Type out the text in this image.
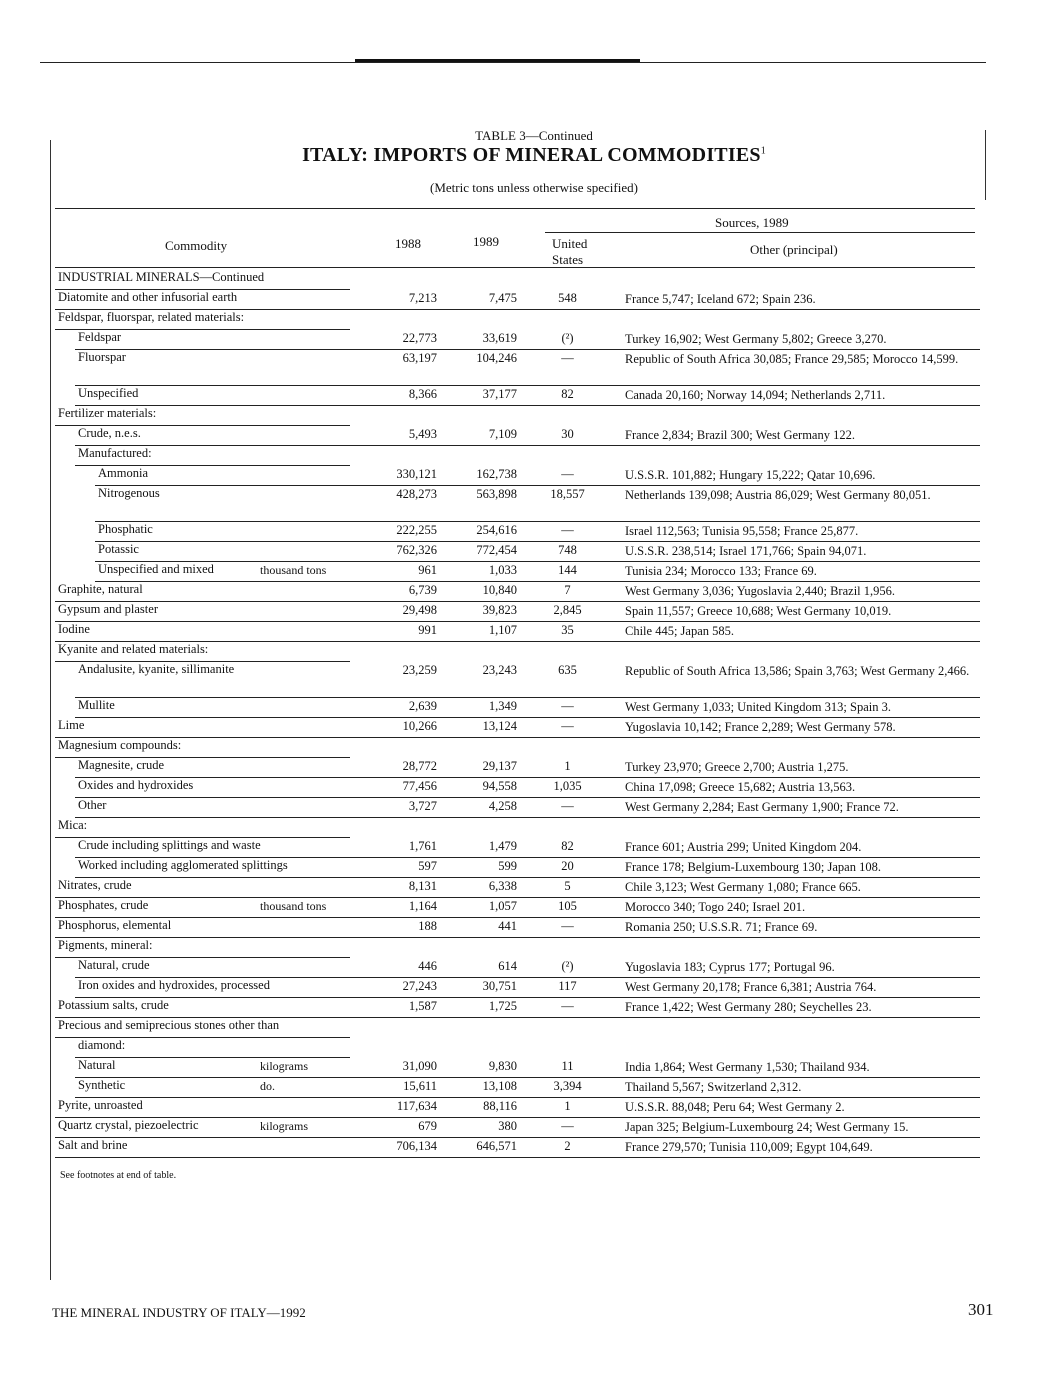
TABLE 3—Continued
ITALY: IMPORTS OF MINERAL COMMODITIES$^1$
(Metric tons unless otherwise specified)
Commodity	1988	1989
Sources, 1989
United States
Other (principal)
INDUSTRIAL MINERALS—Continued
Diatomite and other infusorial earth	7,213	7,475	548	France 5,747; Iceland 672; Spain 236.
Feldspar, fluorspar, related materials:
Feldspar	22,773	33,619	(²)	Turkey 16,902; West Germany 5,802; Greece 3,270.
Fluorspar	63,197	104,246	—	Republic of South Africa 30,085; France 29,585; Morocco 14,599.
Unspecified	8,366	37,177	82	Canada 20,160; Norway 14,094; Netherlands 2,711.
Fertilizer materials:
Crude, n.e.s.	5,493	7,109	30	France 2,834; Brazil 300; West Germany 122.
Manufactured:
Ammonia	330,121	162,738	—	U.S.S.R. 101,882; Hungary 15,222; Qatar 10,696.
Nitrogenous	428,273	563,898	18,557	Netherlands 139,098; Austria 86,029; West Germany 80,051.
Phosphatic	222,255	254,616	—	Israel 112,563; Tunisia 95,558; France 25,877.
Potassic	762,326	772,454	748	U.S.S.R. 238,514; Israel 171,766; Spain 94,071.
Unspecified and mixed	thousand tons	961	1,033	144	Tunisia 234; Morocco 133; France 69.
Graphite, natural	6,739	10,840	7	West Germany 3,036; Yugoslavia 2,440; Brazil 1,956.
Gypsum and plaster	29,498	39,823	2,845	Spain 11,557; Greece 10,688; West Germany 10,019.
Iodine	991	1,107	35	Chile 445; Japan 585.
Kyanite and related materials:
Andalusite, kyanite, sillimanite	23,259	23,243	635	Republic of South Africa 13,586; Spain 3,763; West Germany 2,466.
Mullite	2,639	1,349	—	West Germany 1,033; United Kingdom 313; Spain 3.
Lime	10,266	13,124	—	Yugoslavia 10,142; France 2,289; West Germany 578.
Magnesium compounds:
Magnesite, crude	28,772	29,137	1	Turkey 23,970; Greece 2,700; Austria 1,275.
Oxides and hydroxides	77,456	94,558	1,035	China 17,098; Greece 15,682; Austria 13,563.
Other	3,727	4,258	—	West Germany 2,284; East Germany 1,900; France 72.
Mica:
Crude including splittings and waste	1,761	1,479	82	France 601; Austria 299; United Kingdom 204.
Worked including agglomerated splittings	597	599	20	France 178; Belgium-Luxembourg 130; Japan 108.
Nitrates, crude	8,131	6,338	5	Chile 3,123; West Germany 1,080; France 665.
Phosphates, crude	thousand tons	1,164	1,057	105	Morocco 340; Togo 240; Israel 201.
Phosphorus, elemental	188	441	—	Romania 250; U.S.S.R. 71; France 69.
Pigments, mineral:
Natural, crude	446	614	(²)	Yugoslavia 183; Cyprus 177; Portugal 96.
Iron oxides and hydroxides, processed	27,243	30,751	117	West Germany 20,178; France 6,381; Austria 764.
Potassium salts, crude	1,587	1,725	—	France 1,422; West Germany 280; Seychelles 23.
Precious and semiprecious stones other than
diamond:
Natural	kilograms	31,090	9,830	11	India 1,864; West Germany 1,530; Thailand 934.
Synthetic	do.	15,611	13,108	3,394	Thailand 5,567; Switzerland 2,312.
Pyrite, unroasted	117,634	88,116	1	U.S.S.R. 88,048; Peru 64; West Germany 2.
Quartz crystal, piezoelectric	kilograms	679	380	—	Japan 325; Belgium-Luxembourg 24; West Germany 15.
Salt and brine	706,134	646,571	2	France 279,570; Tunisia 110,009; Egypt 104,649.
See footnotes at end of table.
THE MINERAL INDUSTRY OF ITALY—1992	301
